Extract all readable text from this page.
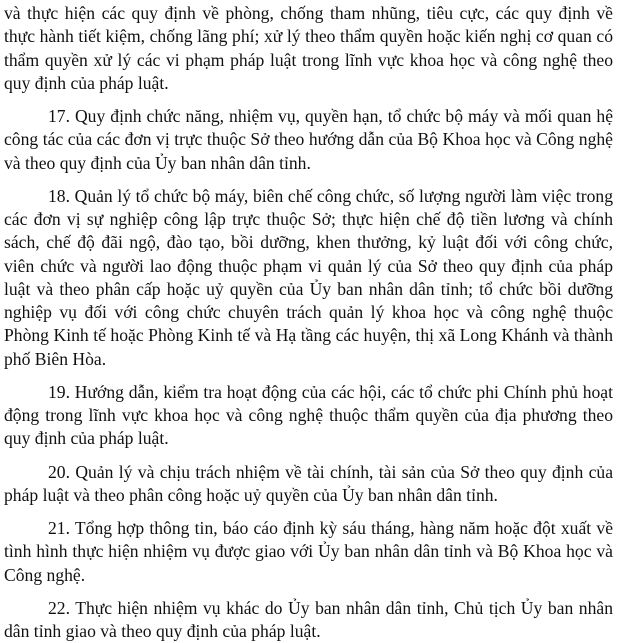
và thực hiện các quy định về phòng, chống tham nhũng, tiêu cực, các quy định về thực hành tiết kiệm, chống lãng phí; xử lý theo thẩm quyền hoặc kiến nghị cơ quan có thẩm quyền xử lý các vi phạm pháp luật trong lĩnh vực khoa học và công nghệ theo quy định của pháp luật.

17. Quy định chức năng, nhiệm vụ, quyền hạn, tổ chức bộ máy và mối quan hệ công tác của các đơn vị trực thuộc Sở theo hướng dẫn của Bộ Khoa học và Công nghệ và theo quy định của Ủy ban nhân dân tỉnh.

18. Quản lý tổ chức bộ máy, biên chế công chức, số lượng người làm việc trong các đơn vị sự nghiệp công lập trực thuộc Sở; thực hiện chế độ tiền lương và chính sách, chế độ đãi ngộ, đào tạo, bồi dưỡng, khen thưởng, kỷ luật đối với công chức, viên chức và người lao động thuộc phạm vi quản lý của Sở theo quy định của pháp luật và theo phân cấp hoặc uỷ quyền của Ủy ban nhân dân tỉnh; tổ chức bồi dưỡng nghiệp vụ đối với công chức chuyên trách quản lý khoa học và công nghệ thuộc Phòng Kinh tế hoặc Phòng Kinh tế và Hạ tầng các huyện, thị xã Long Khánh và thành phố Biên Hòa.

19. Hướng dẫn, kiểm tra hoạt động của các hội, các tổ chức phi Chính phủ hoạt động trong lĩnh vực khoa học và công nghệ thuộc thẩm quyền của địa phương theo quy định của pháp luật.

20. Quản lý và chịu trách nhiệm về tài chính, tài sản của Sở theo quy định của pháp luật và theo phân công hoặc uỷ quyền của Ủy ban nhân dân tỉnh.

21. Tổng hợp thông tin, báo cáo định kỳ sáu tháng, hàng năm hoặc đột xuất về tình hình thực hiện nhiệm vụ được giao với Ủy ban nhân dân tỉnh và Bộ Khoa học và Công nghệ.

22. Thực hiện nhiệm vụ khác do Ủy ban nhân dân tỉnh, Chủ tịch Ủy ban nhân dân tỉnh giao và theo quy định của pháp luật.
